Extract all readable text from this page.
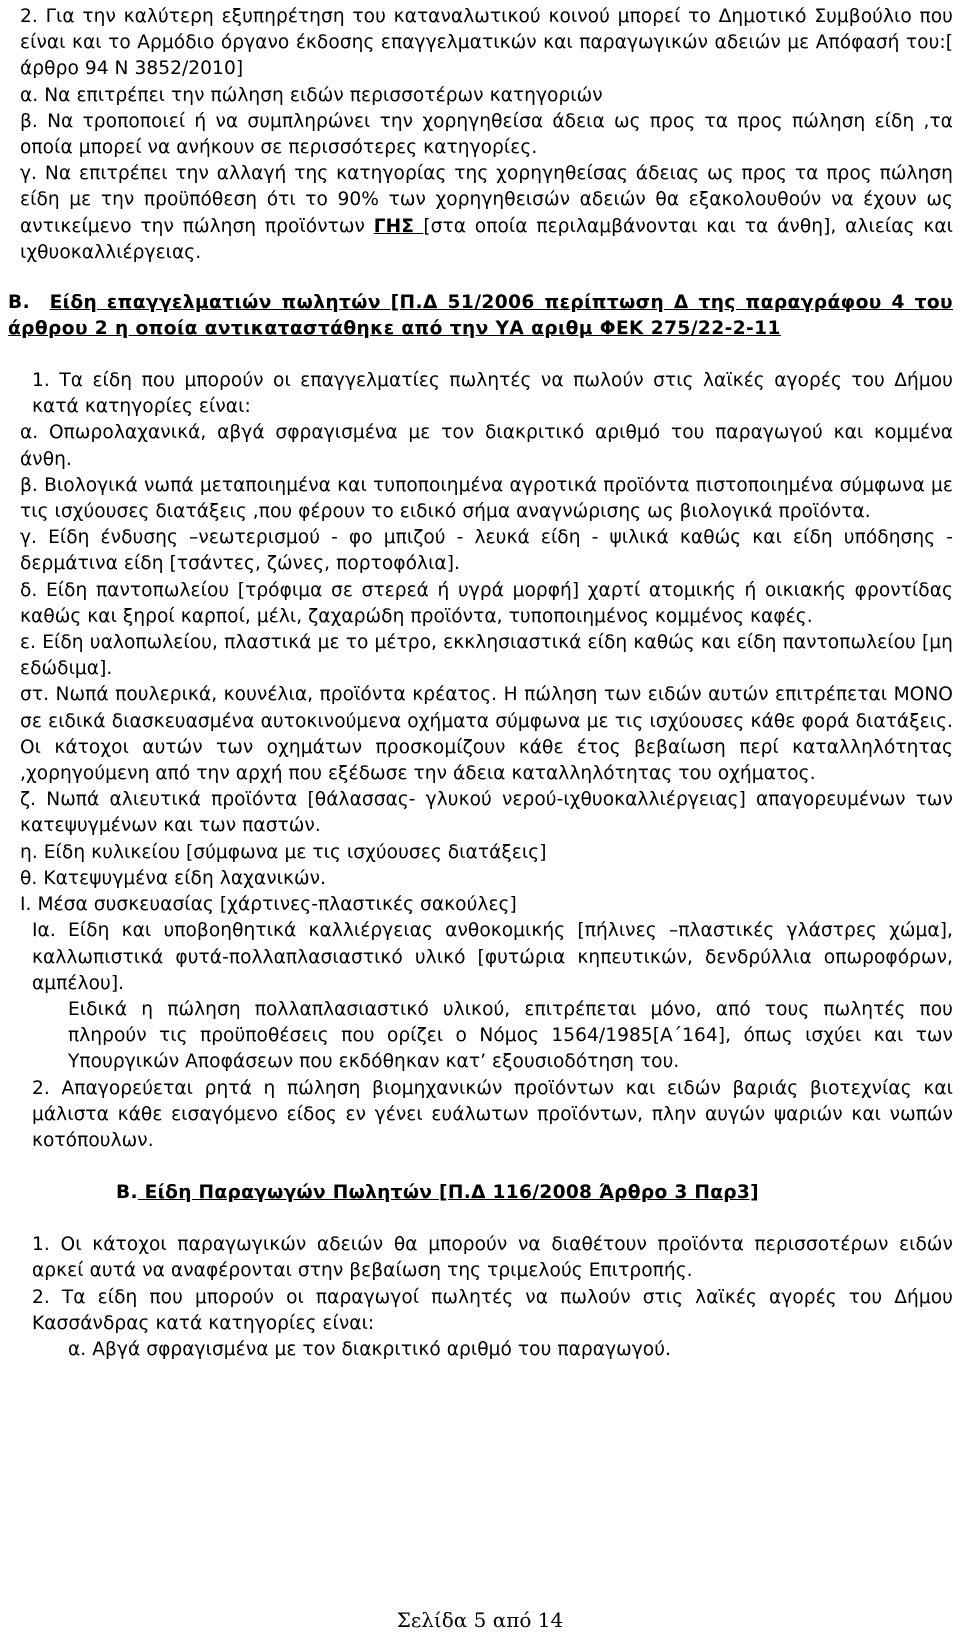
2. Για την καλύτερη εξυπηρέτηση του καταναλωτικού κοινού μπορεί το Δημοτικό Συμβούλιο που είναι και το Αρμόδιο όργανο έκδοσης επαγγελματικών και παραγωγικών αδειών με Απόφασή του:[ άρθρο 94 Ν 3852/2010]

α. Να επιτρέπει την πώληση ειδών περισσοτέρων κατηγοριών

β. Να τροποποιεί ή να συμπληρώνει την χορηγηθείσα άδεια ως προς τα προς πώληση είδη ,τα οποία μπορεί να ανήκουν σε περισσότερες κατηγορίες.

γ. Να επιτρέπει την αλλαγή της κατηγορίας της χορηγηθείσας άδειας ως προς τα προς πώληση είδη με την προϋπόθεση ότι το 90% των χορηγηθεισών αδειών θα εξακολουθούν να έχουν ως αντικείμενο την πώληση προϊόντων ΓΗΣ [στα οποία περιλαμβάνονται και τα άνθη], αλιείας και ιχθυοκαλλιέργειας.

Β. Είδη επαγγελματιών πωλητών [Π.Δ 51/2006 περίπτωση Δ της παραγράφου 4 του άρθρου 2 η οποία αντικαταστάθηκε από την ΥΑ αριθμ ΦΕΚ 275/22-2-11

1. Τα είδη που μπορούν οι επαγγελματίες πωλητές να πωλούν στις λαϊκές αγορές του Δήμου κατά κατηγορίες είναι:

α. Οπωρολαχανικά, αβγά σφραγισμένα με τον διακριτικό αριθμό του παραγωγού και κομμένα άνθη.

β. Βιολογικά νωπά μεταποιημένα και τυποποιημένα αγροτικά προϊόντα πιστοποιημένα σύμφωνα με τις ισχύουσες διατάξεις ,που φέρουν το ειδικό σήμα αναγνώρισης ως βιολογικά προϊόντα.

γ. Είδη ένδυσης –νεωτερισμού - φο μπιζού - λευκά είδη - ψιλικά καθώς και είδη υπόδησης - δερμάτινα είδη [τσάντες, ζώνες, πορτοφόλια].

δ. Είδη παντοπωλείου [τρόφιμα σε στερεά ή υγρά μορφή] χαρτί ατομικής ή οικιακής φροντίδας καθώς και ξηροί καρποί, μέλι, ζαχαρώδη προϊόντα, τυποποιημένος κομμένος καφές.

ε. Είδη υαλοπωλείου, πλαστικά με το μέτρο, εκκλησιαστικά είδη καθώς και είδη παντοπωλείου [μη εδώδιμα].

στ. Νωπά πουλερικά, κουνέλια, προϊόντα κρέατος. Η πώληση των ειδών αυτών επιτρέπεται ΜΟΝΟ σε ειδικά διασκευασμένα αυτοκινούμενα οχήματα σύμφωνα με τις ισχύουσες κάθε φορά διατάξεις. Οι κάτοχοι αυτών των οχημάτων προσκομίζουν κάθε έτος βεβαίωση περί καταλληλότητας ,χορηγούμενη από την αρχή που εξέδωσε την άδεια καταλληλότητας του οχήματος.

ζ. Νωπά αλιευτικά προϊόντα [θάλασσας- γλυκού νερού-ιχθυοκαλλιέργειας] απαγορευμένων των κατεψυγμένων και των παστών.

η. Είδη κυλικείου [σύμφωνα με τις ισχύουσες διατάξεις]

θ. Κατεψυγμένα είδη λαχανικών.

Ι. Μέσα συσκευασίας [χάρτινες-πλαστικές σακούλες]

Ια. Είδη και υποβοηθητικά καλλιέργειας ανθοκομικής [πήλινες –πλαστικές γλάστρες χώμα], καλλωπιστικά φυτά-πολλαπλασιαστικό υλικό [φυτώρια κηπευτικών, δενδρύλλια οπωροφόρων, αμπέλου].

Ειδικά η πώληση πολλαπλασιαστικό υλικού, επιτρέπεται μόνο, από τους πωλητές που πληρούν τις προϋποθέσεις που ορίζει ο Νόμος 1564/1985[Α΄164], όπως ισχύει και των Υπουργικών Αποφάσεων που εκδόθηκαν κατ’ εξουσιοδότηση του.

2. Απαγορεύεται ρητά η πώληση βιομηχανικών προϊόντων και ειδών βαριάς βιοτεχνίας και μάλιστα κάθε εισαγόμενο είδος εν γένει ευάλωτων προϊόντων, πλην αυγών ψαριών και νωπών κοτόπουλων.

Β. Είδη Παραγωγών Πωλητών [Π.Δ 116/2008 Άρθρο 3 Παρ3]

1. Οι κάτοχοι παραγωγικών αδειών θα μπορούν να διαθέτουν προϊόντα περισσοτέρων ειδών αρκεί αυτά να αναφέρονται στην βεβαίωση της τριμελούς Επιτροπής.

2. Τα είδη που μπορούν οι παραγωγοί πωλητές να πωλούν στις λαϊκές αγορές του Δήμου Κασσάνδρας κατά κατηγορίες είναι:

α. Αβγά σφραγισμένα με τον διακριτικό αριθμό του παραγωγού.

Σελίδα 5 από 14
